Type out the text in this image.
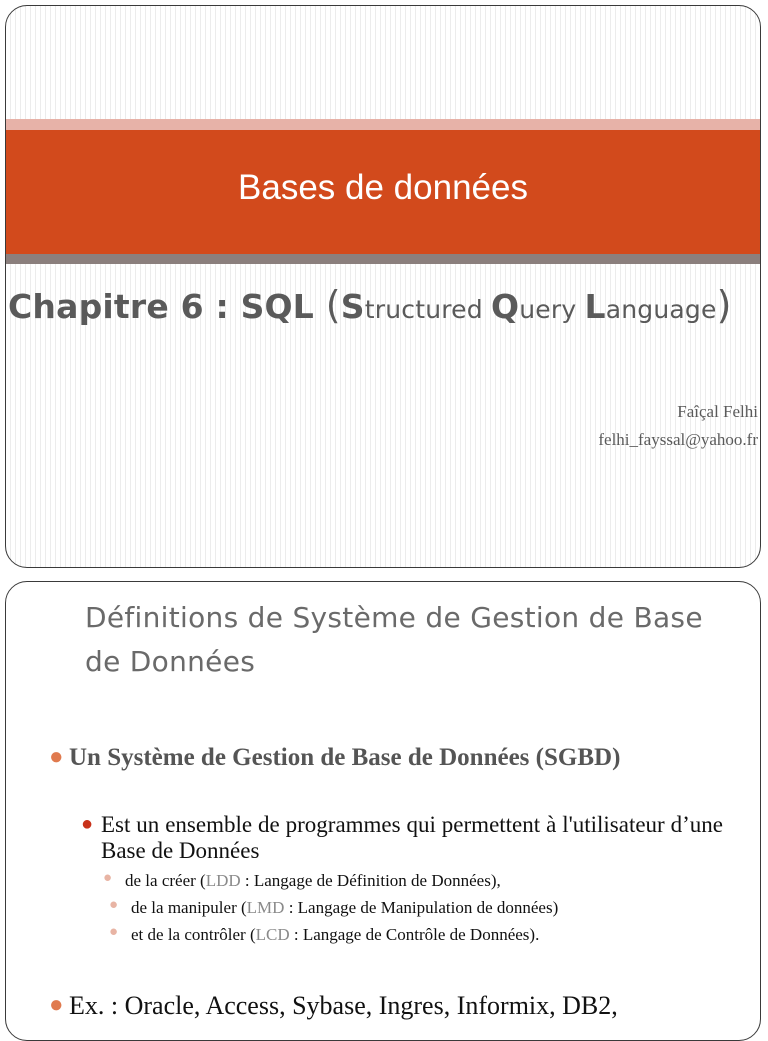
Bases de données
Chapitre 6 : SQL (Structured Query Language)
Faîçal Felhi
felhi_fayssal@yahoo.fr
Définitions de Système de Gestion de Base de Données
● Un Système de Gestion de Base de Données (SGBD)
● Est un ensemble de programmes qui permettent à l'utilisateur d’une Base de Données
● de la créer (LDD : Langage de Définition de Données),
● de la manipuler (LMD : Langage de Manipulation de données)
● et de la contrôler (LCD : Langage de Contrôle de Données).
● Ex. : Oracle, Access, Sybase, Ingres, Informix, DB2,
